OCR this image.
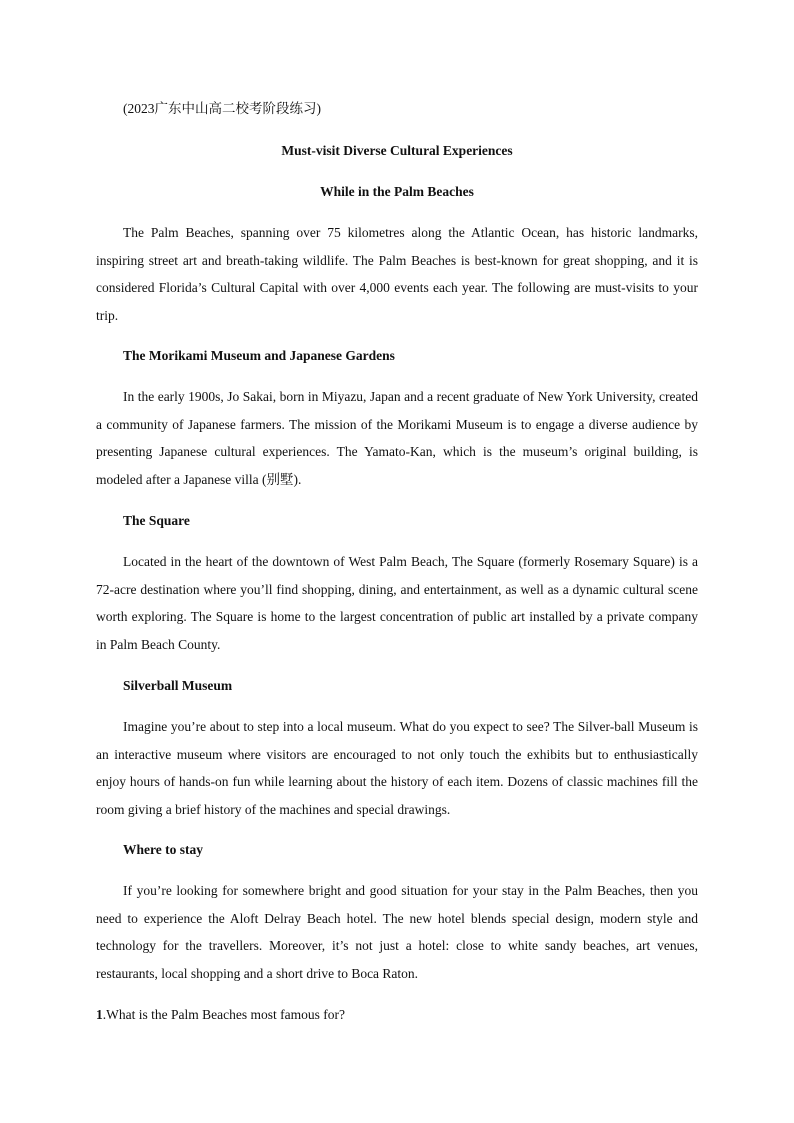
(2023广东中山高二校考阶段练习)
Must-visit Diverse Cultural Experiences
While in the Palm Beaches

The Palm Beaches, spanning over 75 kilometres along the Atlantic Ocean, has historic landmarks, inspiring street art and breath-taking wildlife. The Palm Beaches is best-known for great shopping, and it is considered Florida’s Cultural Capital with over 4,000 events each year. The following are must-visits to your trip.

The Morikami Museum and Japanese Gardens

In the early 1900s, Jo Sakai, born in Miyazu, Japan and a recent graduate of New York University, created a community of Japanese farmers. The mission of the Morikami Museum is to engage a diverse audience by presenting Japanese cultural experiences. The Yamato-Kan, which is the museum’s original building, is modeled after a Japanese villa (别墅).

The Square

Located in the heart of the downtown of West Palm Beach, The Square (formerly Rosemary Square) is a 72-acre destination where you’ll find shopping, dining, and entertainment, as well as a dynamic cultural scene worth exploring. The Square is home to the largest concentration of public art installed by a private company in Palm Beach County.

Silverball Museum

Imagine you’re about to step into a local museum. What do you expect to see? The Silver-ball Museum is an interactive museum where visitors are encouraged to not only touch the exhibits but to enthusiastically enjoy hours of hands-on fun while learning about the history of each item. Dozens of classic machines fill the room giving a brief history of the machines and special drawings.

Where to stay

If you’re looking for somewhere bright and good situation for your stay in the Palm Beaches, then you need to experience the Aloft Delray Beach hotel. The new hotel blends special design, modern style and technology for the travellers. Moreover, it’s not just a hotel: close to white sandy beaches, art venues, restaurants, local shopping and a short drive to Boca Raton.

1.What is the Palm Beaches most famous for?
